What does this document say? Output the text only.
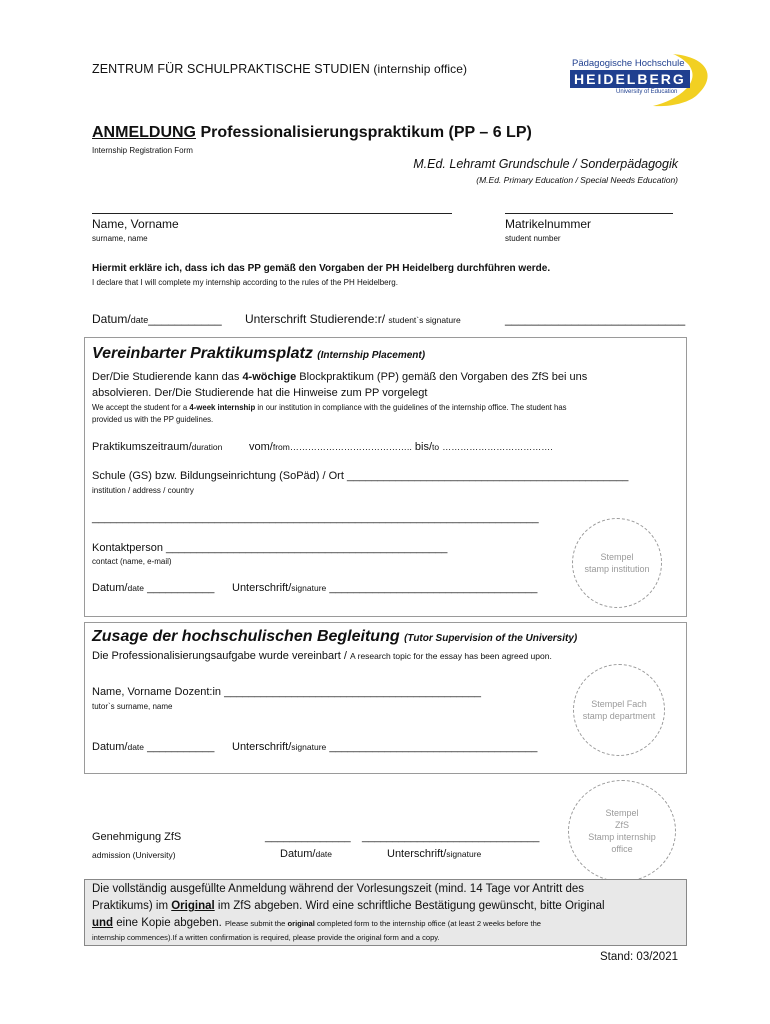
ZENTRUM FÜR SCHULPRAKTISCHE STUDIEN (internship office)	Pädagogische Hochschule
HEIDELBERG
University of Education
ANMELDUNG Professionalisierungspraktikum (PP – 6 LP)
Internship Registration Form
M.Ed. Lehramt Grundschule / Sonderpädagogik
(M.Ed. Primary Education / Special Needs Education)
Name, Vorname
surname, name
Matrikelnummer
student number
Hiermit erkläre ich, dass ich das PP gemäß den Vorgaben der PH Heidelberg durchführen werde.
I declare that I will complete my internship according to the rules of the PH Heidelberg.
Datum/date___________ Unterschrift Studierende:r/ student`s signature	___________________________
Vereinbarter Praktikumsplatz (Internship Placement)
Der/Die Studierende kann das 4-wöchige Blockpraktikum (PP) gemäß den Vorgaben des ZfS bei uns
absolvieren. Der/Die Studierende hat die Hinweise zum PP vorgelegt
We accept the student for a 4-week internship in our institution in compliance with the guidelines of the internship office. The student has
provided us with the PP guidelines.
Praktikumszeitraum/duration vom/from………………………………….. bis/to ……………………………….
Schule (GS) bzw. Bildungseinrichtung (SoPäd) / Ort ______________________________________________
institution / address / country
_________________________________________________________________________
Kontaktperson ______________________________________________
contact (name, e-mail)
Datum/date ___________ Unterschrift/signature __________________________________
Stempel
stamp institution
Zusage der hochschulischen Begleitung (Tutor Supervision of the University)
Die Professionalisierungsaufgabe wurde vereinbart / A research topic for the essay has been agreed upon.
Name, Vorname Dozent:in __________________________________________
tutor`s surname, name
Datum/date ___________ Unterschrift/signature __________________________________
Stempel Fach
stamp department
Genehmigung ZfS
admission (University)
______________ _____________________________
Datum/date	Unterschrift/signature
Stempel
ZfS
Stamp internship
office
Die vollständig ausgefüllte Anmeldung während der Vorlesungszeit (mind. 14 Tage vor Antritt des
Praktikums) im Original im ZfS abgeben. Wird eine schriftliche Bestätigung gewünscht, bitte Original
und eine Kopie abgeben. Please submit the original completed form to the internship office (at least 2 weeks before the
internship commences).If a written confirmation is required, please provide the original form and a copy.
Stand: 03/2021
